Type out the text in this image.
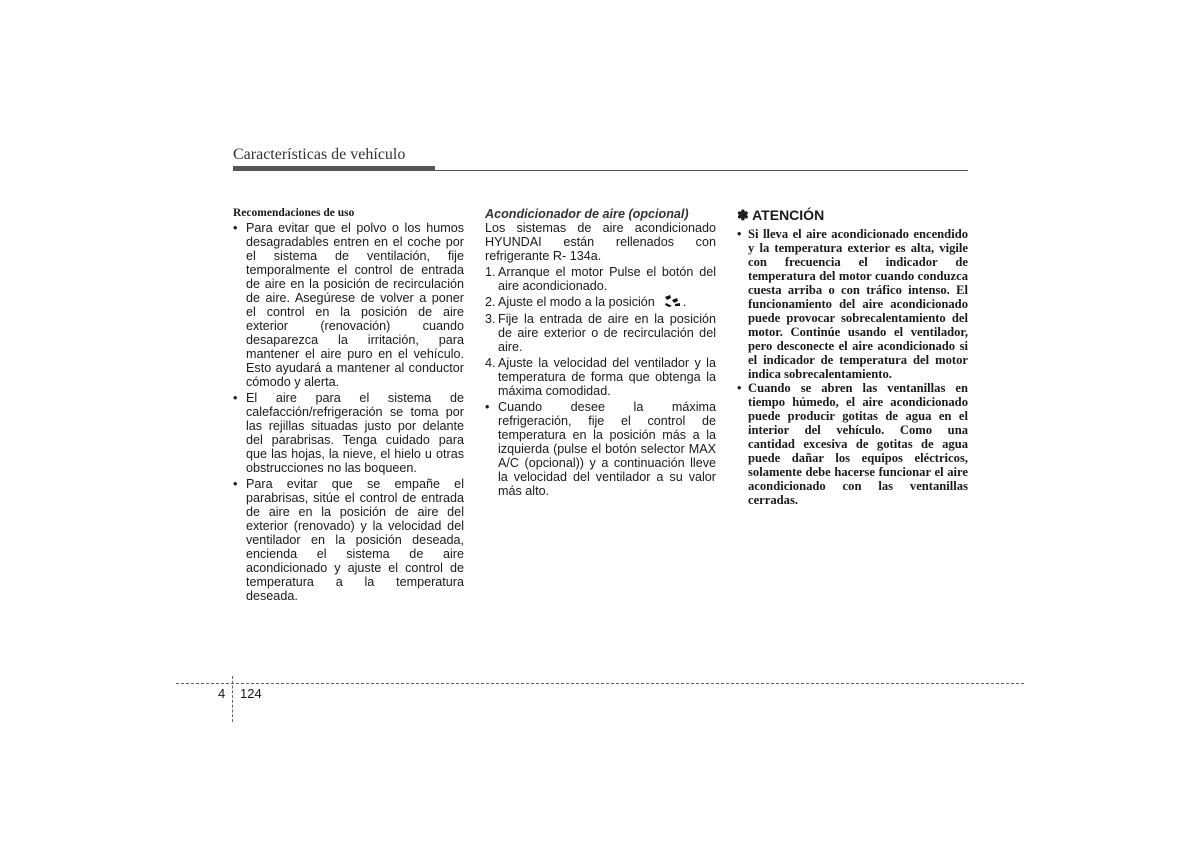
Características de vehículo
Recomendaciones de uso
• Para evitar que el polvo o los humos desagradables entren en el coche por el sistema de ventilación, fije temporalmente el control de entrada de aire en la posición de recirculación de aire. Asegúrese de volver a poner el control en la posición de aire exterior (renovación) cuando desaparezca la irritación, para mantener el aire puro en el vehículo. Esto ayudará a mantener al conductor cómodo y alerta.
• El aire para el sistema de calefacción/refrigeración se toma por las rejillas situadas justo por delante del parabrisas. Tenga cuidado para que las hojas, la nieve, el hielo u otras obstrucciones no las boqueen.
• Para evitar que se empañe el parabrisas, sitúe el control de entrada de aire en la posición de aire del exterior (renovado) y la velocidad del ventilador en la posición deseada, encienda el sistema de aire acondicionado y ajuste el control de temperatura a la temperatura deseada.
Acondicionador de aire (opcional)

Los sistemas de aire acondicionado HYUNDAI están rellenados con refrigerante R- 134a.

1. Arranque el motor Pulse el botón del aire acondicionado.
2. Ajuste el modo a la posición .
3. Fije la entrada de aire en la posición de aire exterior o de recirculación del aire.
4. Ajuste la velocidad del ventilador y la temperatura de forma que obtenga la máxima comodidad.
• Cuando desee la máxima refrigeración, fije el control de temperatura en la posición más a la izquierda (pulse el botón selector MAX A/C (opcional)) y a continuación lleve la velocidad del ventilador a su valor más alto.
✽ ATENCIÓN
• Si lleva el aire acondicionado encendido y la temperatura exterior es alta, vigile con frecuencia el indicador de temperatura del motor cuando conduzca cuesta arriba o con tráfico intenso. El funcionamiento del aire acondicionado puede provocar sobrecalentamiento del motor. Continúe usando el ventilador, pero desconecte el aire acondicionado si el indicador de temperatura del motor indica sobrecalentamiento.
• Cuando se abren las ventanillas en tiempo húmedo, el aire acondicionado puede producir gotitas de agua en el interior del vehículo. Como una cantidad excesiva de gotitas de agua puede dañar los equipos eléctricos, solamente debe hacerse funcionar el aire acondicionado con las ventanillas cerradas.
4 124
